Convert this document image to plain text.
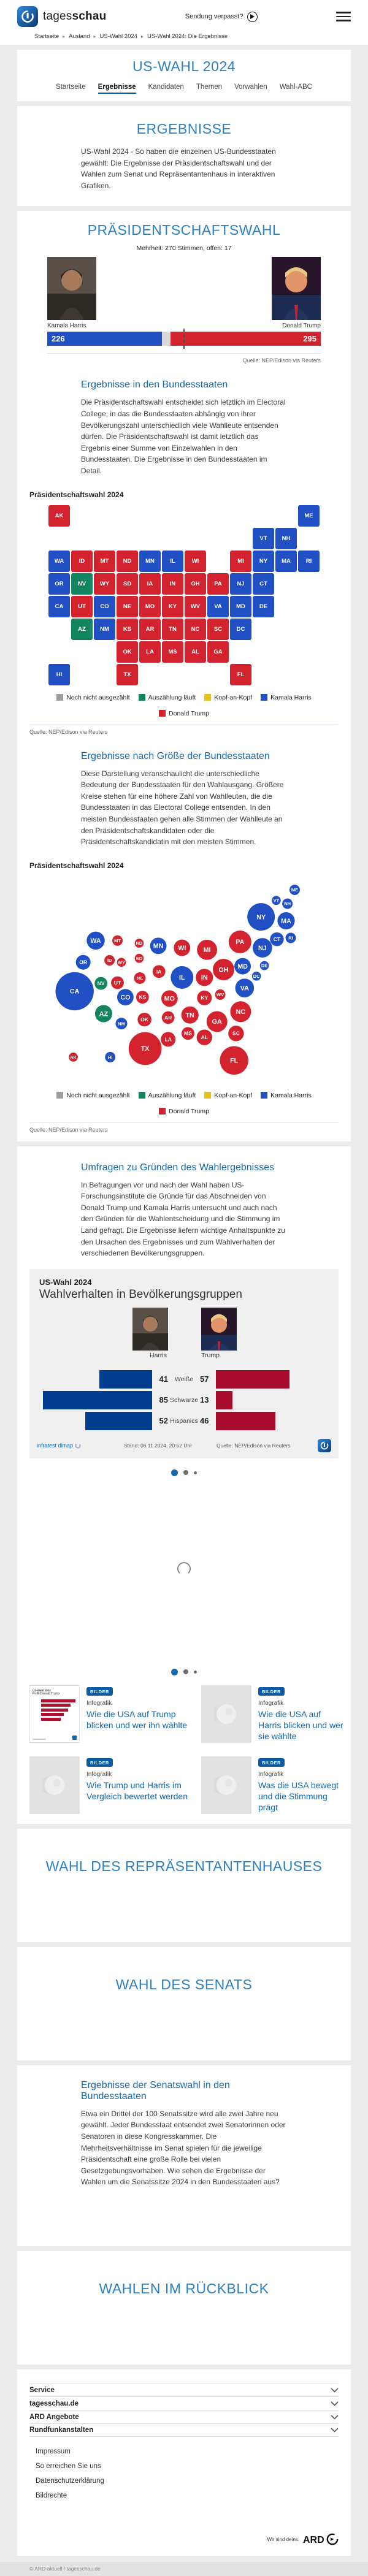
tagesschau	Sendung verpasst?
Startseite ▸ Ausland ▸ US-Wahl 2024 ▸ US-Wahl 2024: Die Ergebnisse
US-WAHL 2024
Startseite Ergebnisse Kandidaten Themen Vorwahlen Wahl-ABC
ERGEBNISSE

US-Wahl 2024 - So haben die einzelnen US-Bundesstaaten gewählt: Die Ergebnisse der Präsidentschaftswahl und der Wahlen zum Senat und Repräsentantenhaus in interaktiven Grafiken.

PRÄSIDENTSCHAFTSWAHL
Mehrheit: 270 Stimmen, offen: 17
Kamala Harris	Donald Trump
226	295
Quelle: NEP/Edison via Reuters
Ergebnisse in den Bundesstaaten

Die Präsidentschaftswahl entscheidet sich letztlich im Electoral College, in das die Bundesstaaten abhängig von ihrer Bevölkerungszahl unterschiedlich viele Wahlleute entsenden dürfen. Die Präsidentschaftswahl ist damit letztlich das Ergebnis einer Summe von Einzelwahlen in den Bundesstaaten. Die Ergebnisse in den Bundesstaaten im Detail.

Präsidentschaftswahl 2024
WA
OR
CA
NV
ID
UT
AZ
MT
WY
CO
NM
ND
SD
NE
KS
OK
TX
MN
IA
MO
AR
LA
WI
IL
MS
MI
IN
KY
TN
AL
OH
WV
GA
FL
SC
NC
VA
PA
NY
NJ
DE
MD
DC
CT
RI
MA
VT	NH
ME
AK
HI
Noch nicht ausgezählt	Auszählung läuft	Kopf-an-Kopf	Kamala Harris
Donald Trump
Quelle: NEP/Edison via Reuters
Ergebnisse nach Größe der Bundesstaaten

Diese Darstellung veranschaulicht die unterschiedliche Bedeutung der Bundesstaaten für den Wahlausgang. Größere Kreise stehen für eine höhere Zahl von Wahlleuten, die die Bundesstaaten in das Electoral College entsenden. In den meisten Bundesstaaten gehen alle Stimmen der Wahlleute an den Präsidentschaftskandidaten oder die Präsidentschaftskandidatin mit den meisten Stimmen.

Präsidentschaftswahl 2024
WA
OR
CA
NV
ID
UT
AZ
MT
WY
CO
NM
ND
SD
NE
KS
OK
TX
MN
IA
MO
AR
LA
WI
IL
MS
MI
IN
KY
TN
AL
OH
WV
GA
FL
SC
NC
VA
PA
NY
NJ
DE
MD
DC
CT RI
MA
VT
NH
ME
AK	HI
Noch nicht ausgezählt	Auszählung läuft	Kopf-an-Kopf	Kamala Harris
Donald Trump
Quelle: NEP/Edison via Reuters
Umfragen zu Gründen des Wahlergebnisses

In Befragungen vor und nach der Wahl haben US-Forschungsinstitute die Gründe für das Abschneiden von Donald Trump und Kamala Harris untersucht und auch nach den Gründen für die Wahlentscheidung und die Stimmung im Land gefragt. Die Ergebnisse liefern wichtige Anhaltspunkte zu den Ursachen des Ergebnisses und zum Wahlverhalten der verschiedenen Bevölkerungsgruppen.

US-Wahl 2024
Wahlverhalten in Bevölkerungsgruppen
Harris	Trump
41	Weiße 57
85 Schwarze 13
52 Hispanics 46
infratest dimap	Stand: 06.11.2024, 20:52 Uhr	Quelle: NEP/Edison via Reuters
US-Wahl 2024
Profil Donald Trump	BILDER
Infografik
Wie die USA auf Trump blicken und wer ihn wählte
BILDER
Infografik
Wie die USA auf Harris blicken und wer sie wählte
BILDER
Infografik
Wie Trump und Harris im Vergleich bewertet werden
BILDER
Infografik
Was die USA bewegt und die Stimmung prägt
WAHL DES REPRÄSENTANTENHAUSES
WAHL DES SENATS
Ergebnisse der Senatswahl in den Bundesstaaten

Etwa ein Drittel der 100 Senatssitze wird alle zwei Jahre neu gewählt. Jeder Bundesstaat entsendet zwei Senatorinnen oder Senatoren in diese Kongresskammer. Die Mehrheitsverhältnisse im Senat spielen für die jeweilige Präsidentschaft eine große Rolle bei vielen Gesetzgebungsvorhaben. Wie sehen die Ergebnisse der Wahlen um die Senatssitze 2024 in den Bundesstaaten aus?

WAHLEN IM RÜCKBLICK
Service
tagesschau.de
ARD Angebote
Rundfunkanstalten
Impressum
So erreichen Sie uns
Datenschutzerklärung
Bildrechte
Wir sind deins. ARD
© ARD-aktuell / tagesschau.de
